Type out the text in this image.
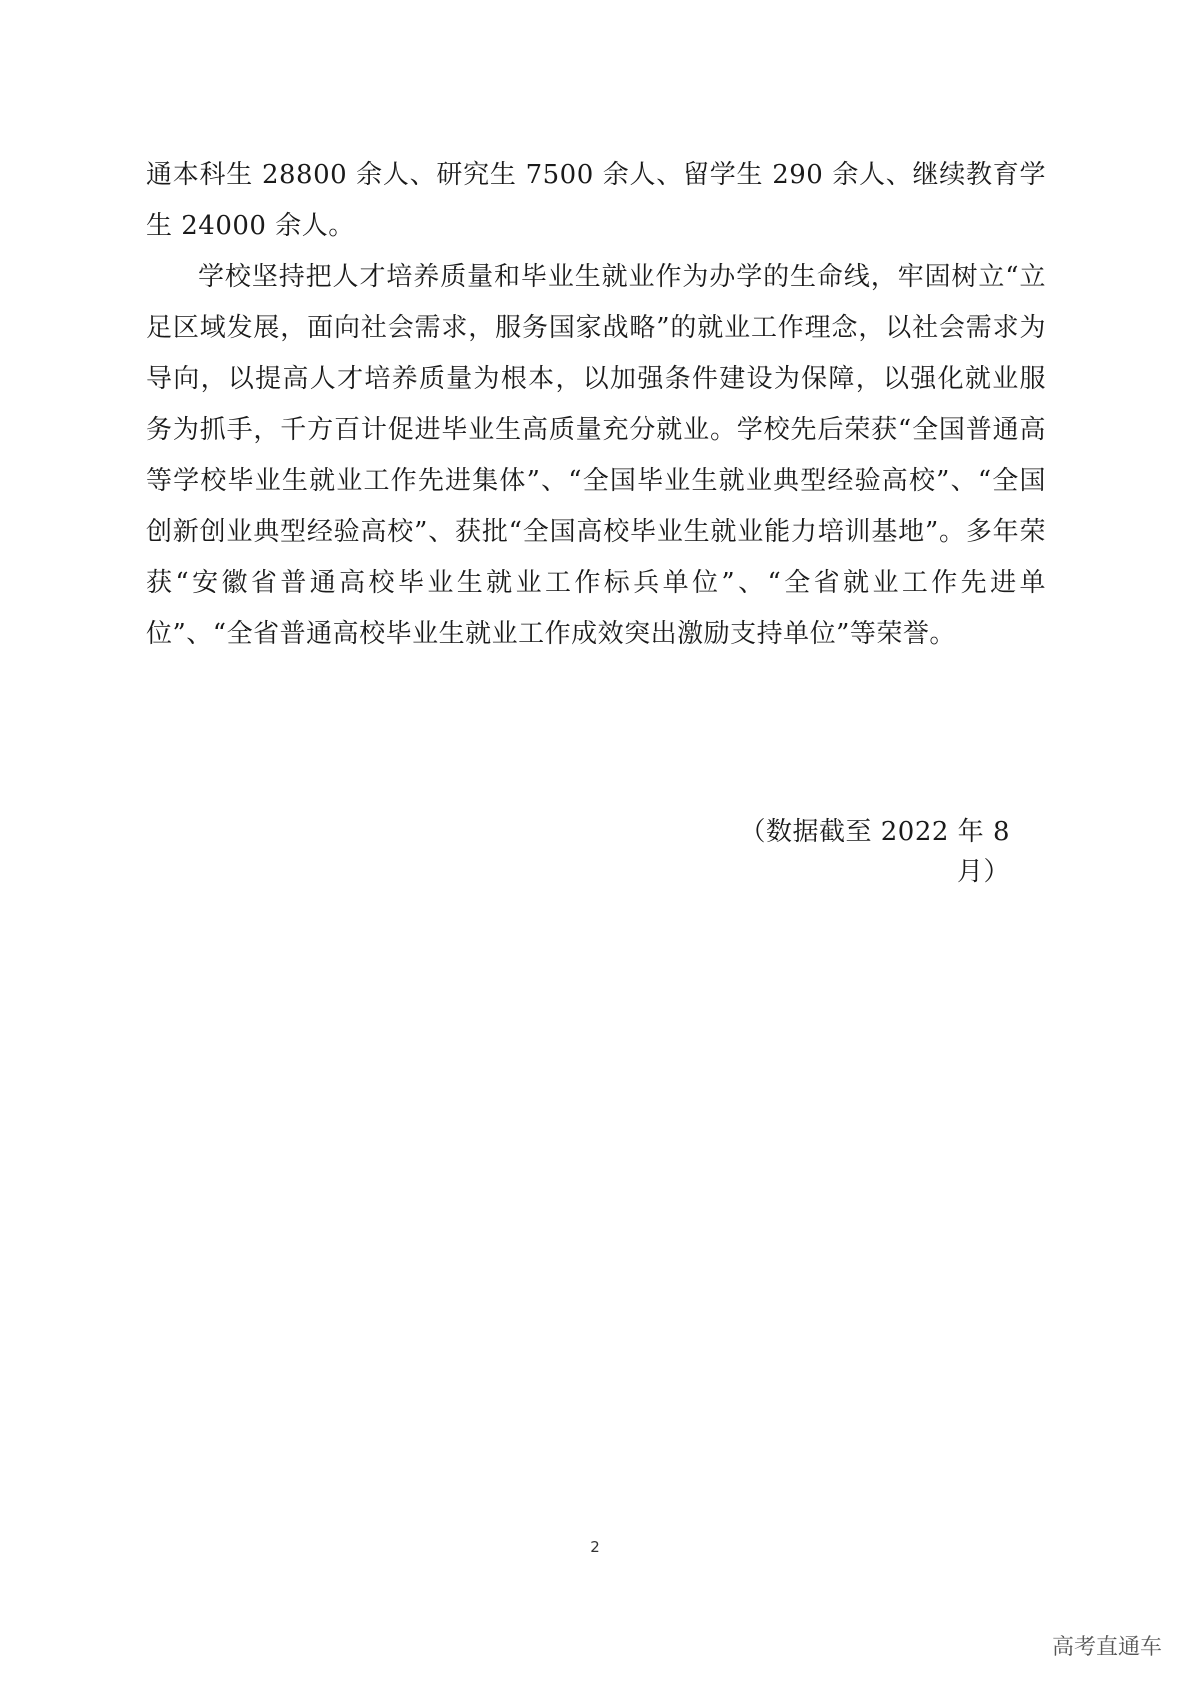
通本科生 28800 余人、研究生 7500 余人、留学生 290 余人、继续教育学生 24000 余人。

学校坚持把人才培养质量和毕业生就业作为办学的生命线，牢固树立“立足区域发展，面向社会需求，服务国家战略”的就业工作理念，以社会需求为导向，以提高人才培养质量为根本，以加强条件建设为保障，以强化就业服务为抓手，千方百计促进毕业生高质量充分就业。学校先后荣获“全国普通高等学校毕业生就业工作先进集体”、“全国毕业生就业典型经验高校”、“全国创新创业典型经验高校”、获批“全国高校毕业生就业能力培训基地”。多年荣获“安徽省普通高校毕业生就业工作标兵单位”、“全省就业工作先进单位”、“全省普通高校毕业生就业工作成效突出激励支持单位”等荣誉。

（数据截至 2022 年 8 月）
2
高考直通车
